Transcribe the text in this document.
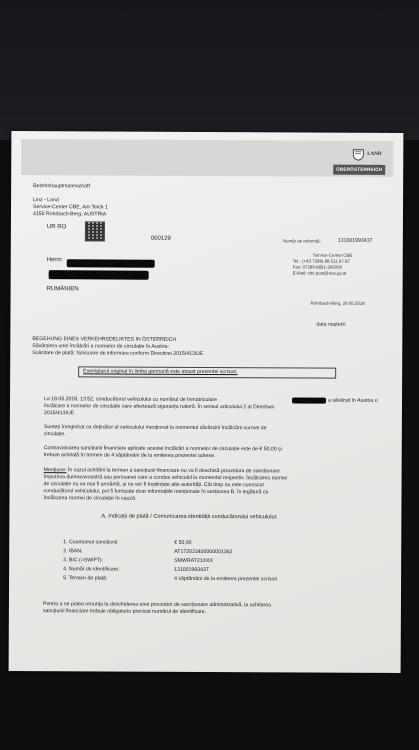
LAND
OBERÖSTERREICH
Bezirkshauptmannschaft
Linz - Land
Service-Center CBE, Am Teich 1
4150 Rohrbach-Berg, AUSTRIA
UR RO
000129	Număr de referință:	131001993437
Service-Center CBE
Tel.: (+43 7289) 88 511 87 87
Fax: 07289-8851-295000
E-Mail: cbe.post@ooe.gv.at
Herrn
RUMÄNIEN
Rohrbach-Berg, 29.05.2018
data nașterii:
BEGEHUNG EINES VERKEHRSDELIKTES IN ÖSTERREICH
Săvârșirea unei încălcări a normelor de circulație în Austria:
Solicitare de plată: Scrisoare de informare conform Directivei 2015/413/UE
Exemplarul original în limba germană este atașat prezentei scrisori.
La 18.05.2018, 13:52, conducătorul vehiculului cu numărul de înmatriculare	a săvârșit în Austria o
încălcare a normelor de circulație care afectează siguranța rutieră. În sensul articolului 2 al Directivei
2015/413/UE .
Sunteți înregistrat ca deținător al vehiculului menționat la momentul săvârșirii încălcării normei de
circulație.
Contravaloarea sancțiunii financiare aplicate acestei încălcări a normelor de circulație este de € 50,00 și
trebuie achitată în termen de 4 săptămâni de la emiterea prezentei adrese.
Mențiune: În cazul achitării la termen a sancțiunii financiare nu va fi deschisă procedura de sancționare
împotriva dumneavoastră sau persoanei care a condus vehiculul la momentul respectiv. Încălcarea normei
de circulație nu va mai fi urmărită, și nu vor fi înștiințate alte autorități. Cât timp nu este cunoscut
conducătorul vehiculului, pot fi furnizate doar informațiile menționate în secțiunea B, în legătură cu
încălcarea normei de circulație în cauză.
A. Indicații de plată / Comunicarea identității conducătorului vehiculului:
1. Cuantumul sancțiunii:	€ 50,00
2. IBAN:	AT172033400000001362
3. BIC (=SWIFT):	SMWRAT21XXX
4. Număr de identificare:	131001993437
5. Termen de plată:	4 săptămâni de la emiterea prezentei scrisori
Pentru a se putea renunța la deschiderea unei proceduri de sancționare administrativă, la achitarea
sancțiunii financiare trebuie obligatoriu precizat numărul de identificare.
